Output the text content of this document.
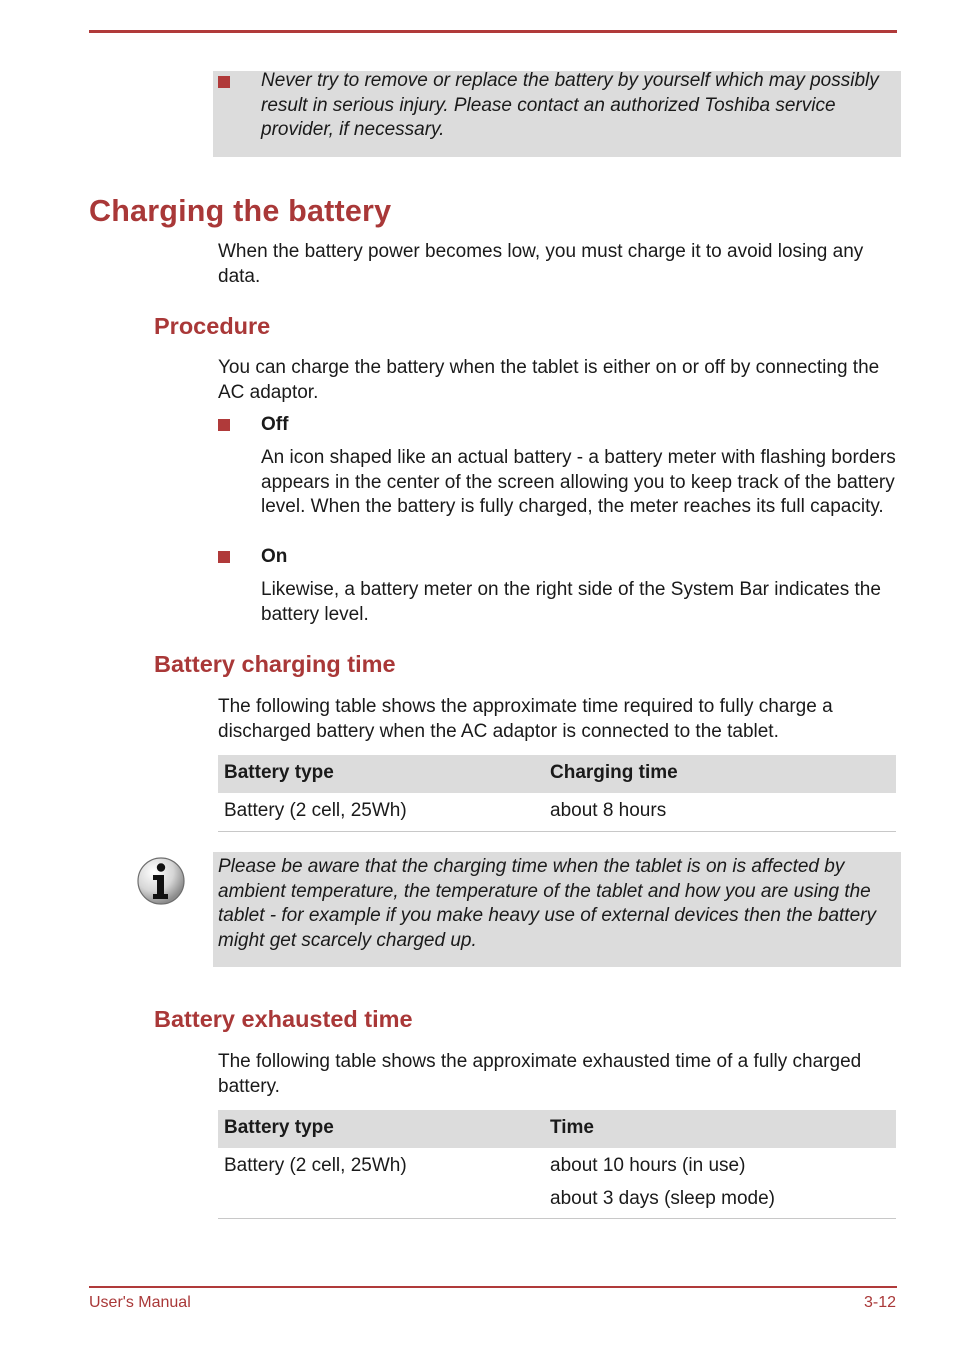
Never try to remove or replace the battery by yourself which may possibly result in serious injury. Please contact an authorized Toshiba service provider, if necessary.
Charging the battery

When the battery power becomes low, you must charge it to avoid losing any data.

Procedure

You can charge the battery when the tablet is either on or off by connecting the AC adaptor.

Off

An icon shaped like an actual battery - a battery meter with flashing borders appears in the center of the screen allowing you to keep track of the battery level. When the battery is fully charged, the meter reaches its full capacity.

On

Likewise, a battery meter on the right side of the System Bar indicates the battery level.

Battery charging time

The following table shows the approximate time required to fully charge a discharged battery when the AC adaptor is connected to the tablet.

Battery type	Charging time
Battery (2 cell, 25Wh)	about 8 hours
Please be aware that the charging time when the tablet is on is affected by ambient temperature, the temperature of the tablet and how you are using the tablet - for example if you make heavy use of external devices then the battery might get scarcely charged up.
Battery exhausted time

The following table shows the approximate exhausted time of a fully charged battery.

Battery type	Time
Battery (2 cell, 25Wh)	about 10 hours (in use)
about 3 days (sleep mode)
User's Manual	3-12
